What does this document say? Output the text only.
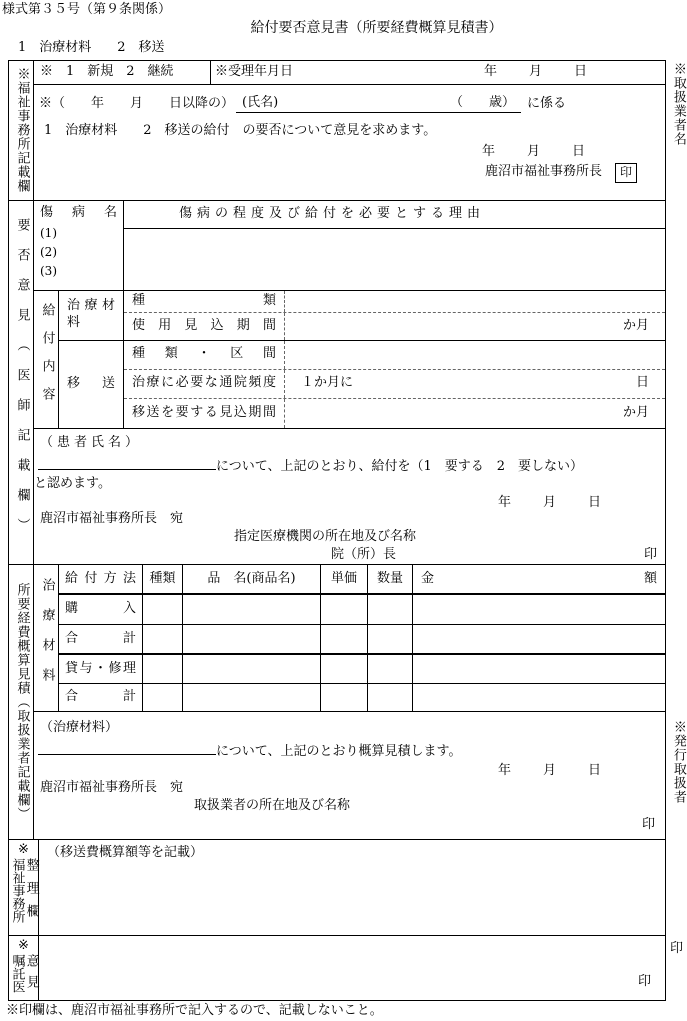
様式第３５号（第９条関係）
給付要否意見書（所要経費概算見積書）
1　治療材料　　2　移送
※福祉事務所記載欄 ※　1　新規　2　継続	※受理年月日	年　　月　　日
※（　　年　　月　　日以降の） (氏名)	（　　歳） に係る
1　治療材料　　2　移送の給付　の要否について意見を求めます。
年　　月　　日
鹿沼市福祉事務所長	印
要否意見（医師記載欄）
傷病名
(1)
(2)
(3)
傷病の程度及び給付を必要とする理由
給付内容 治療材料
種類
使用見込期間	か月
移送
種類・区間
治療に必要な通院頻度 １か月に	日
移送を要する見込期間	か月
（患者氏名）
について、上記のとおり、給付を（1　要する　2　要しない）
と認めます。
年　　月　　日
鹿沼市福祉事務所長　宛
指定医療機関の所在地及び名称
院（所）長	印
所要経費概算見積（取扱業者記載欄） 治療材料 給付方法	種類	品　名(商品名)	単価	数量	金額
購入
合計
貸与・修理
合計
（治療材料）
について、上記のとおり概算見積します。
年　　月　　日
鹿沼市福祉事務所長　宛
取扱業者の所在地及び名称
印
※
福祉事務所 整理欄
（移送費概算額等を記載）
※
嘱託医 意見	印
※取扱業者名
※発行取扱者
印
※印欄は、鹿沼市福祉事務所で記入するので、記載しないこと。
